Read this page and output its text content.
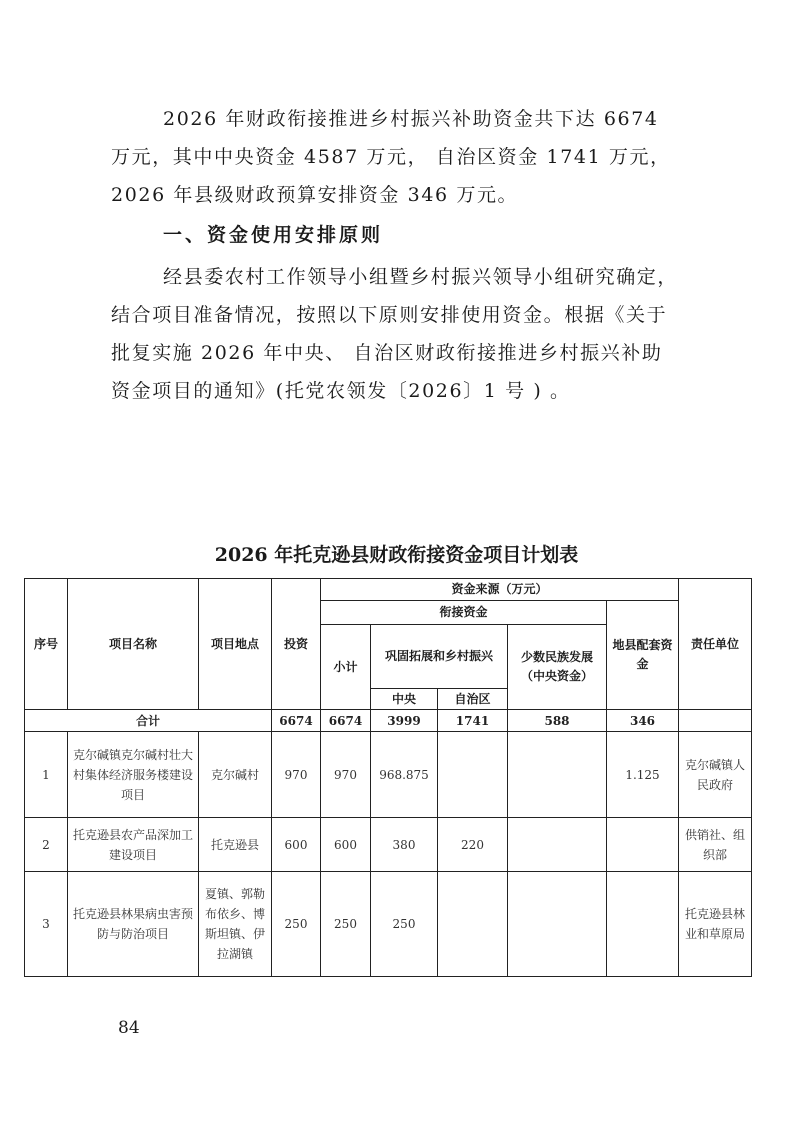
2026 年财政衔接推进乡村振兴补助资金共下达 6674 万元，其中中央资金 4587 万元， 自治区资金 1741 万元，2026 年县级财政预算安排资金 346 万元。

一、资金使用安排原则

经县委农村工作领导小组暨乡村振兴领导小组研究确定，结合项目准备情况，按照以下原则安排使用资金。根据《关于批复实施 2026 年中央、 自治区财政衔接推进乡村振兴补助资金项目的通知》(托党农领发〔2026〕1 号 ) 。

2026 年托克逊县财政衔接资金项目计划表

序号	项目名称	项目地点	投资	资金来源（万元）					责任单位
				衔接资金				地县配套资金	
				小计	巩固拓展和乡村振兴		少数民族发展（中央资金）		
					中央	自治区			
合计			6674	6674	3999	1741	588	346	
1	克尔碱镇克尔碱村壮大村集体经济服务楼建设项目	克尔碱村	970	970	968.875			1.125	克尔碱镇人民政府
2	托克逊县农产品深加工建设项目	托克逊县	600	600	380	220			供销社、组织部
3	托克逊县林果病虫害预防与防治项目	夏镇、郭勒布依乡、博斯坦镇、伊拉湖镇	250	250	250				托克逊县林业和草原局

84
